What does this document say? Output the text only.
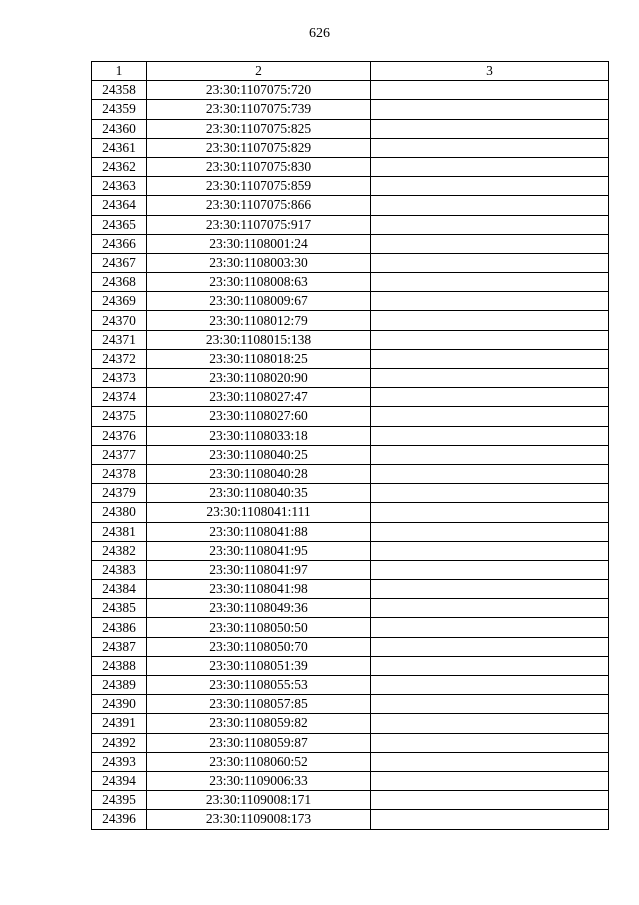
626
1	2	3
24358	23:30:1107075:720	
24359	23:30:1107075:739	
24360	23:30:1107075:825	
24361	23:30:1107075:829	
24362	23:30:1107075:830	
24363	23:30:1107075:859	
24364	23:30:1107075:866	
24365	23:30:1107075:917	
24366	23:30:1108001:24	
24367	23:30:1108003:30	
24368	23:30:1108008:63	
24369	23:30:1108009:67	
24370	23:30:1108012:79	
24371	23:30:1108015:138	
24372	23:30:1108018:25	
24373	23:30:1108020:90	
24374	23:30:1108027:47	
24375	23:30:1108027:60	
24376	23:30:1108033:18	
24377	23:30:1108040:25	
24378	23:30:1108040:28	
24379	23:30:1108040:35	
24380	23:30:1108041:111	
24381	23:30:1108041:88	
24382	23:30:1108041:95	
24383	23:30:1108041:97	
24384	23:30:1108041:98	
24385	23:30:1108049:36	
24386	23:30:1108050:50	
24387	23:30:1108050:70	
24388	23:30:1108051:39	
24389	23:30:1108055:53	
24390	23:30:1108057:85	
24391	23:30:1108059:82	
24392	23:30:1108059:87	
24393	23:30:1108060:52	
24394	23:30:1109006:33	
24395	23:30:1109008:171	
24396	23:30:1109008:173	
